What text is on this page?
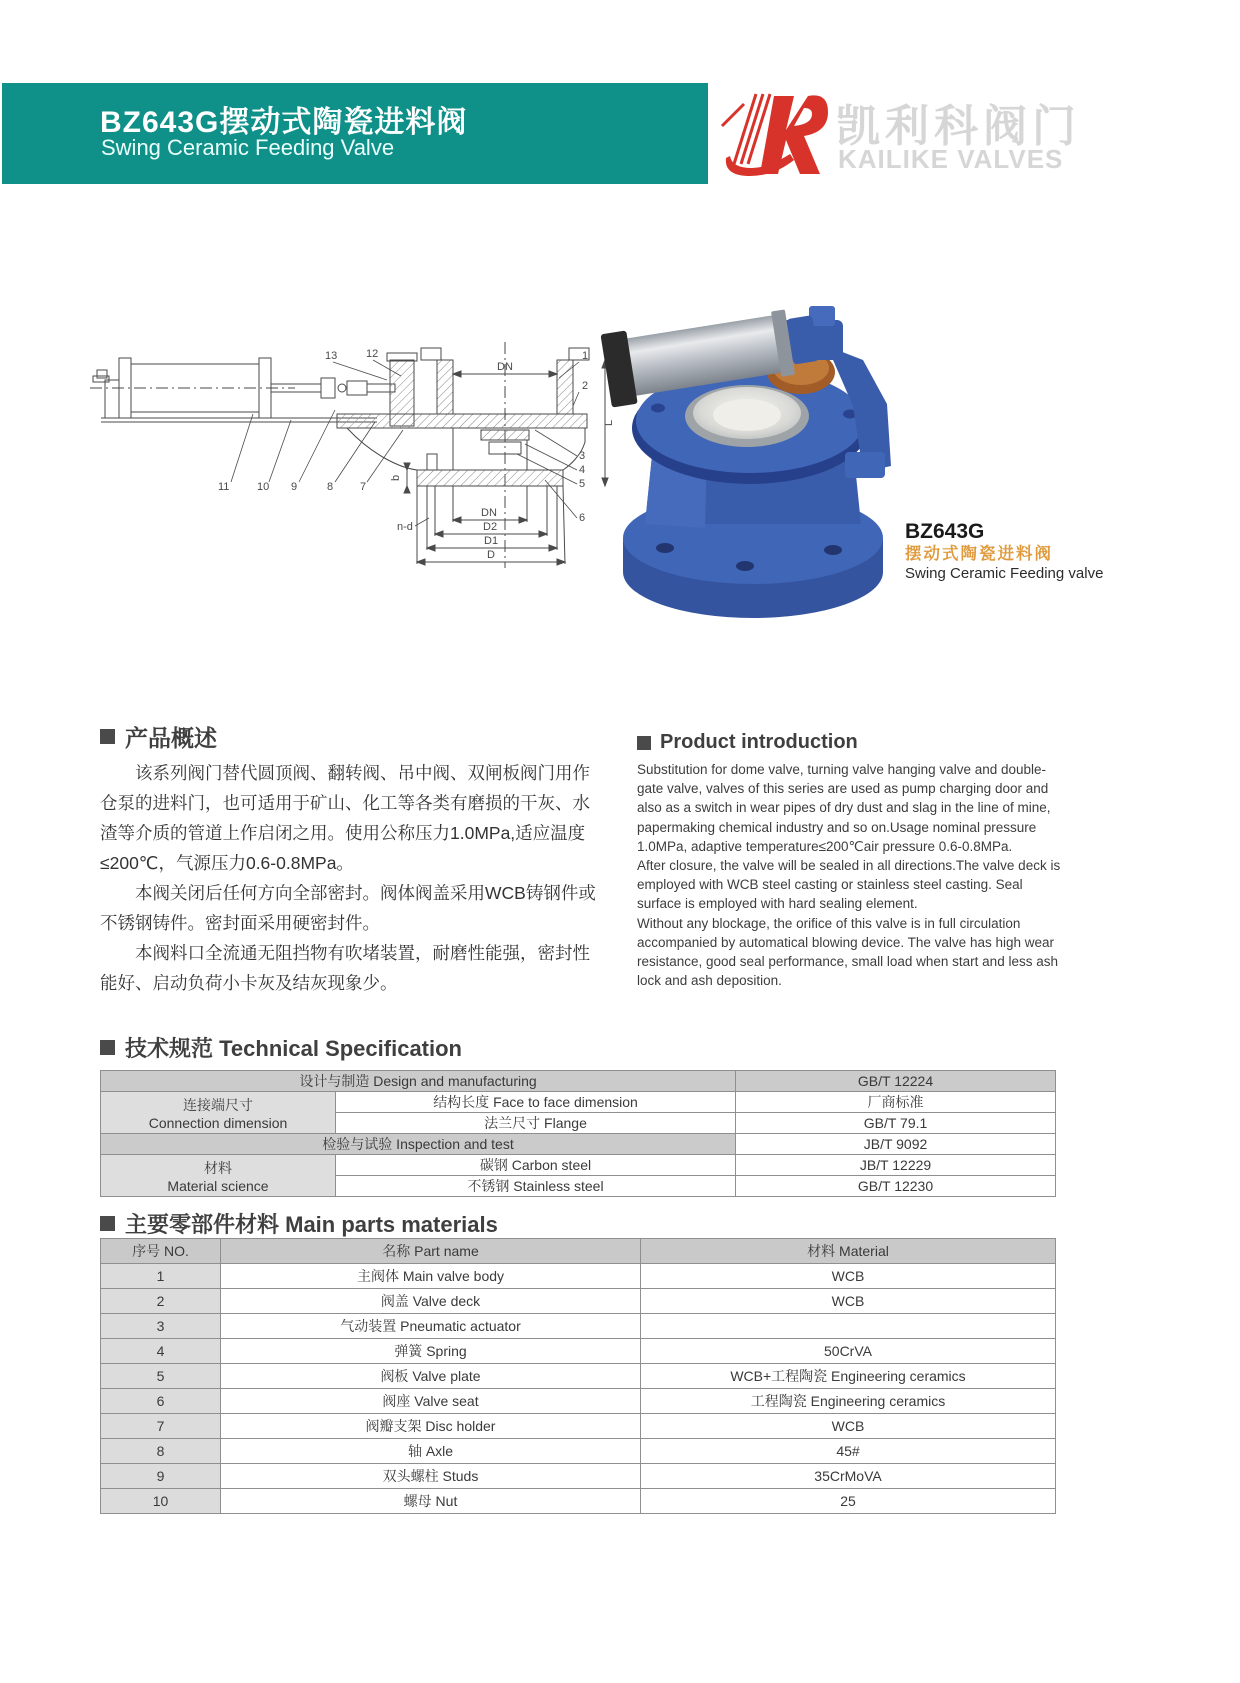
BZ643G摆动式陶瓷进料阀
Swing Ceramic Feeding Valve	凯利科阀门
KAILIKE VALVES
13	12	1
2
3
4
5
6
11	10 9	8 7
DN
L
b
n-d
DN
D2
D1
D
BZ643G
摆动式陶瓷进料阀
Swing Ceramic Feeding valve
产品概述

该系列阀门替代圆顶阀、翻转阀、吊中阀、双闸板阀门用作仓泵的进料门，也可适用于矿山、化工等各类有磨损的干灰、水渣等介质的管道上作启闭之用。使用公称压力1.0MPa,适应温度≤200℃，气源压力0.6-0.8MPa。

本阀关闭后任何方向全部密封。阀体阀盖采用WCB铸钢件或不锈钢铸件。密封面采用硬密封件。

本阀料口全流通无阻挡物有吹堵装置，耐磨性能强，密封性能好、启动负荷小卡灰及结灰现象少。

Product introduction

Substitution for dome valve, turning valve hanging valve and double-gate valve, valves of this series are used as pump charging door and also as a switch in wear pipes of dry dust and slag in the line of mine, papermaking chemical industry and so on.Usage nominal pressure 1.0MPa, adaptive temperature≤200℃air pressure 0.6-0.8MPa.

After closure, the valve will be sealed in all directions.The valve deck is employed with WCB steel casting or stainless steel casting. Seal surface is employed with hard sealing element.

Without any blockage, the orifice of this valve is in full circulation accompanied by automatical blowing device. The valve has high wear resistance, good seal performance, small load when start and less ash lock and ash deposition.

技术规范 Technical Specification
设计与制造 Design and manufacturing		GB/T 12224
连接端尺寸
Connection dimension	结构长度 Face to face dimension	厂商标准
	法兰尺寸 Flange	GB/T 79.1
检验与试验 Inspection and test		JB/T 9092
材料
Material science	碳钢 Carbon steel	JB/T 12229
	不锈钢 Stainless steel	GB/T 12230
主要零部件材料 Main parts materials
序号 NO.	名称 Part name	材料 Material
1	主阀体 Main valve body	WCB
2	阀盖 Valve deck	WCB
3	气动装置 Pneumatic actuator	
4	弹簧 Spring	50CrVA
5	阀板 Valve plate	WCB+工程陶瓷 Engineering ceramics
6	阀座 Valve seat	工程陶瓷 Engineering ceramics
7	阀瓣支架 Disc holder	WCB
8	轴 Axle	45#
9	双头螺柱 Studs	35CrMoVA
10	螺母 Nut	25
